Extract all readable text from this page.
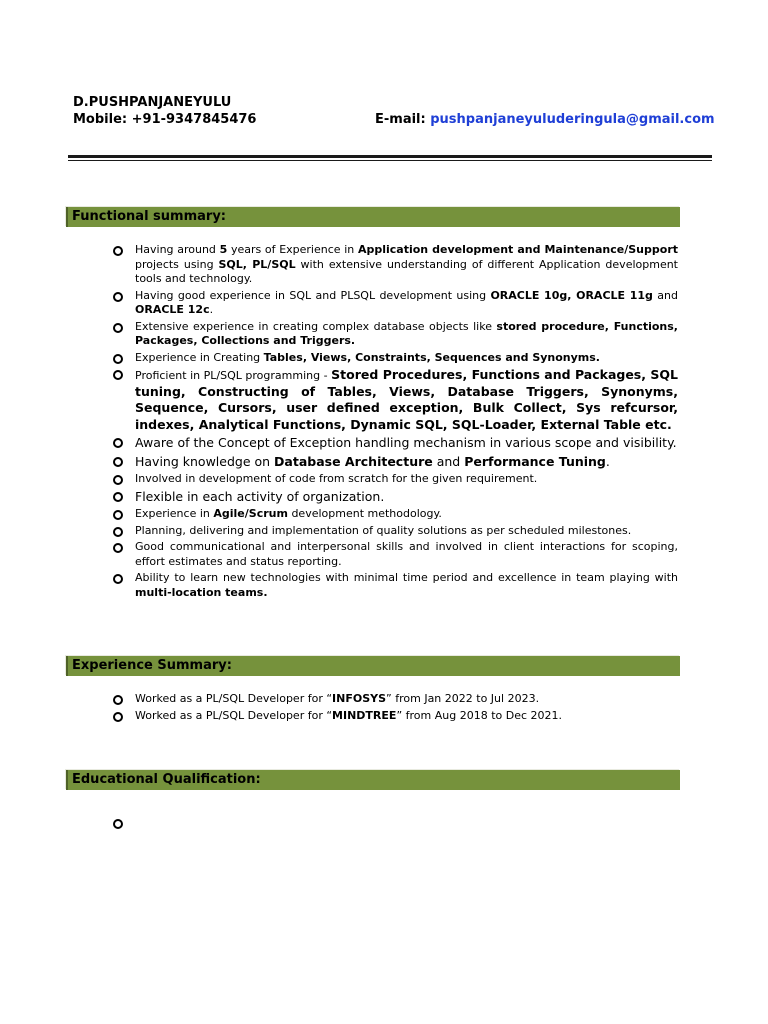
D.PUSHPANJANEYULU
Mobile: +91-9347845476	E-mail: pushpanjaneyuluderingula@gmail.com
Functional summary:
Having around 5 years of Experience in Application development and Maintenance/Support projects using SQL, PL/SQL with extensive understanding of different Application development tools and technology.
Having good experience in SQL and PLSQL development using ORACLE 10g, ORACLE 11g and ORACLE 12c.
Extensive experience in creating complex database objects like stored procedure, Functions, Packages, Collections and Triggers.
Experience in Creating Tables, Views, Constraints, Sequences and Synonyms.
Proficient in PL/SQL programming - Stored Procedures, Functions and Packages, SQL tuning, Constructing of Tables, Views, Database Triggers, Synonyms, Sequence, Cursors, user defined exception, Bulk Collect, Sys refcursor, indexes, Analytical Functions, Dynamic SQL, SQL-Loader, External Table etc.
Aware of the Concept of Exception handling mechanism in various scope and visibility.
Having knowledge on Database Architecture and Performance Tuning.
Involved in development of code from scratch for the given requirement.
Flexible in each activity of organization.
Experience in Agile/Scrum development methodology.
Planning, delivering and implementation of quality solutions as per scheduled milestones.
Good communicational and interpersonal skills and involved in client interactions for scoping, effort estimates and status reporting.
Ability to learn new technologies with minimal time period and excellence in team playing with multi-location teams.
Experience Summary:
Worked as a PL/SQL Developer for “INFOSYS” from Jan 2022 to Jul 2023.
Worked as a PL/SQL Developer for “MINDTREE” from Aug 2018 to Dec 2021.
Educational Qualification:
